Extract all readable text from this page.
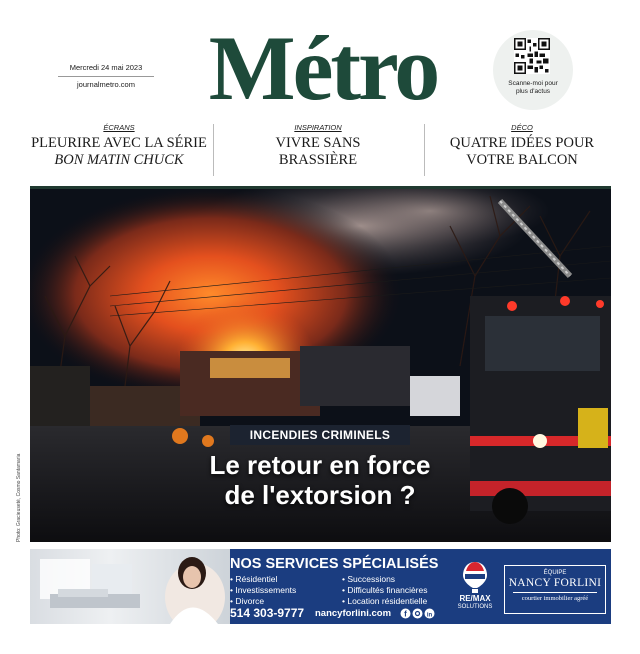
Mercredi 24 mai 2023
journalmetro.com Métro	Scanne-moi pour
plus d'actus
ÉCRANS
PLEURIRE AVEC LA SÉRIE
BON MATIN CHUCK
INSPIRATION
VIVRE SANS
BRASSIÈRE
DÉCO
QUATRE IDÉES POUR
VOTRE BALCON
INCENDIES CRIMINELS
Le retour en force
de l'extorsion ?
Photo: Gracieuseté, Cosmo Santamaria
NOS SERVICES SPÉCIALISÉS
• Résidentiel
• Investissements
• Divorce
• Successions
• Difficultés financières
• Location résidentielle
514 303-9777 nancyforlini.com f	in
RE/MAX
SOLUTIONS
ÉQUIPE
NANCY FORLINI
courtier immobilier agréé
